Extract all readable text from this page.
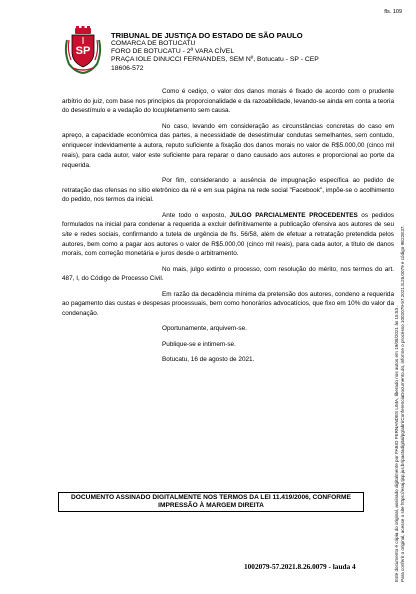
fls. 109
SP
TRIBUNAL DE JUSTIÇA DO ESTADO DE SÃO PAULO
COMARCA DE BOTUCATU
FORO DE BOTUCATU - 2ª VARA CÍVEL
PRAÇA IOLE DINUCCI FERNANDES, SEM Nº, Botucatu - SP - CEP
18606-572

Como é cediço, o valor dos danos morais é fixado de acordo com o prudente arbítrio do juiz, com base nos princípios da proporcionalidade e da razoabilidade, levando-se ainda em conta a teoria do desestímulo e a vedação do locupletamento sem causa.

No caso, levando em consideração as circunstâncias concretas do caso em apreço, a capacidade econômica das partes, a necessidade de desestimular condutas semelhantes, sem contudo, enriquecer indevidamente a autora, reputo suficiente a fixação dos danos morais no valor de R$5.000,00 (cinco mil reais), para cada autor, valor este suficiente para reparar o dano causado aos autores e proporcional ao porte da requerida.

Por fim, considerando a ausência de impugnação específica ao pedido de retratação das ofensas no sítio eletrônico da ré e em sua página na rede social "Facebook", impõe-se o acolhimento do pedido, nos termos da inicial.

Ante todo o exposto, JULGO PARCIALMENTE PROCEDENTES os pedidos formulados na inicial para condenar a requerida a excluir definitivamente a publicação ofensiva aos autores de seu site e redes sociais, confirmando a tutela de urgência de fls. 56/58, além de efetuar a retratação pretendida pelos autores, bem como a pagar aos autores o valor de R$5.000,00 (cinco mil reais), para cada autor, a título de danos morais, com correção monetária e juros desde o arbitramento.

No mais, julgo extinto o processo, com resolução do mérito, nos termos do art. 487, I, do Código de Processo Civil.

Em razão da decadência mínima da pretensão dos autores, condeno a requerida ao pagamento das custas e despesas processuais, bem como honorários advocatícios, que fixo em 10% do valor da condenação.

Oportunamente, arquivem-se.

Publique-se e intimem-se.

Botucatu, 16 de agosto de 2021.

DOCUMENTO ASSINADO DIGITALMENTE NOS TERMOS DA LEI 11.419/2006, CONFORME
IMPRESSÃO À MARGEM DIREITA
1002079-57.2021.8.26.0079 - lauda 4	Este documento é cópia do original, assinado digitalmente por FABIO FERNANDES LIMA, liberado nos autos em 19/08/2021 às 15:53 . Para conferir o original, acesse o site https://esaj.tjsp.jus.br/pastadigital/pg/abrirConferenciaDocumento.do, informe o processo 1002079-57.2021.8.26.0079 e código 9E22E37.
